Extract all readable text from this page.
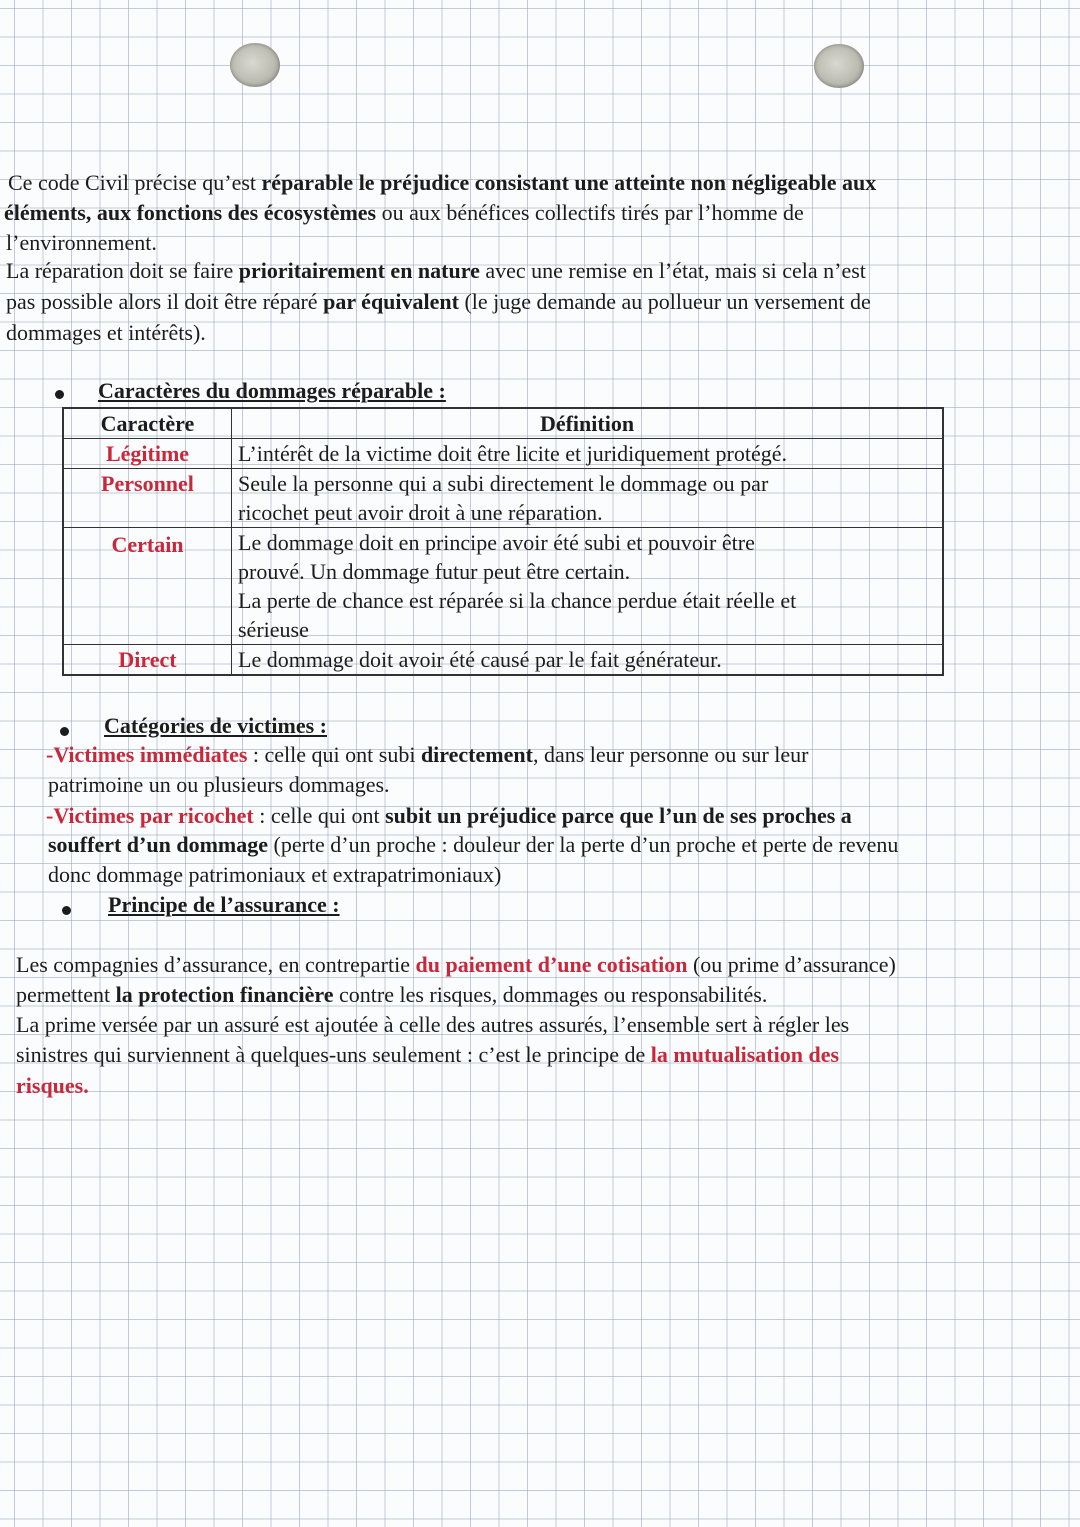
Ce code Civil précise qu’est réparable le préjudice consistant une atteinte non négligeable aux
éléments, aux fonctions des écosystèmes ou aux bénéfices collectifs tirés par l’homme de
l’environnement.
La réparation doit se faire prioritairement en nature avec une remise en l’état, mais si cela n’est
pas possible alors il doit être réparé par équivalent (le juge demande au pollueur un versement de
dommages et intérêts).
Caractères du dommages réparable :
Caractère	Définition
Légitime	L’intérêt de la victime doit être licite et juridiquement protégé.

Personnel	Seule la personne qui a subi directement le dommage ou par
ricochet peut avoir droit à une réparation.

Certain	Le dommage doit en principe avoir été subi et pouvoir être
prouvé. Un dommage futur peut être certain.
La perte de chance est réparée si la chance perdue était réelle et
sérieuse

Direct	Le dommage doit avoir été causé par le fait générateur.
Catégories de victimes :
-Victimes immédiates : celle qui ont subi directement, dans leur personne ou sur leur
patrimoine un ou plusieurs dommages.
-Victimes par ricochet : celle qui ont subit un préjudice parce que l’un de ses proches a
souffert d’un dommage (perte d’un proche : douleur der la perte d’un proche et perte de revenu
donc dommage patrimoniaux et extrapatrimoniaux)
Principe de l’assurance :
Les compagnies d’assurance, en contrepartie du paiement d’une cotisation (ou prime d’assurance)
permettent la protection financière contre les risques, dommages ou responsabilités.
La prime versée par un assuré est ajoutée à celle des autres assurés, l’ensemble sert à régler les
sinistres qui surviennent à quelques-uns seulement : c’est le principe de la mutualisation des
risques.
